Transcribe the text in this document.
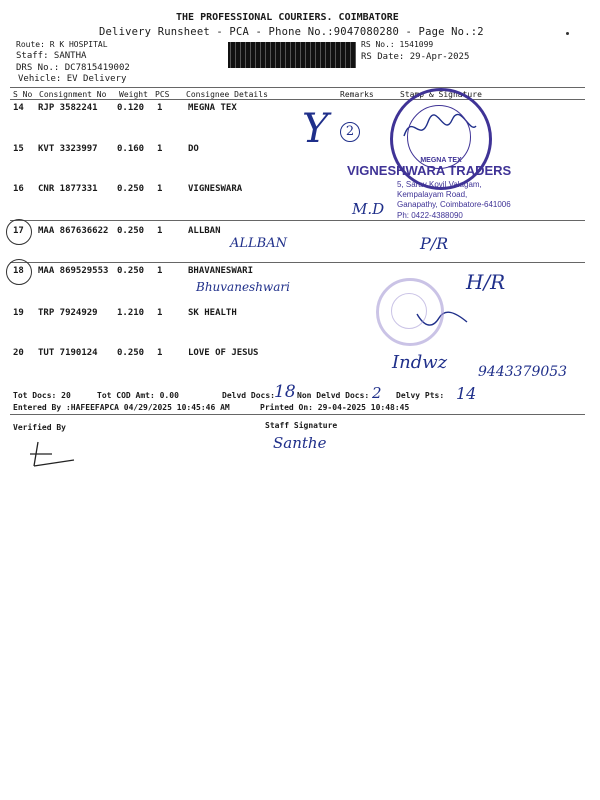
THE PROFESSIONAL COURIERS. COIMBATORE
Delivery Runsheet - PCA - Phone No.:9047080280 - Page No.:2
Route: R K HOSPITAL
Staff: SANTHA
DRS No.: DC7815419002
Vehicle: EV Delivery
RS No.: 1541099
RS Date: 29-Apr-2025
S No Consignment No Weight PCS Consignee Details	Remarks	Stamp & Signature
14 RJP 3582241 0.120 1	MEGNA TEX
15 KVT 3323997 0.160 1	DO
16 CNR 1877331 0.250 1	VIGNESWARA
17 MAA 867636622 0.250 1	ALLBAN
18 MAA 869529553 0.250 1	BHAVANESWARI
19 TRP 7924929 1.210 1	SK HEALTH
20 TUT 7190124 0.250 1	LOVE OF JESUS
Y	2
M.D
ALLBAN	P/R
Bhuvaneshwari	H/R
Indwz 9443379053
MEGNA TEX
VIGNESHWARA TRADERS
5, Sarav Kovil Valagam,
Kempalayam Road,
Ganapathy, Coimbatore-641006
Ph: 0422-4388090
Tot Docs: 20	Tot COD Amt: 0.00	Delvd Docs: 18 Non Delvd Docs: 2 Delvy Pts: 14
Entered By :HAFEEFAPCA 04/29/2025 10:45:46 AM	Printed On: 29-04-2025 10:48:45
Verified By	Staff Signature
Santhe
